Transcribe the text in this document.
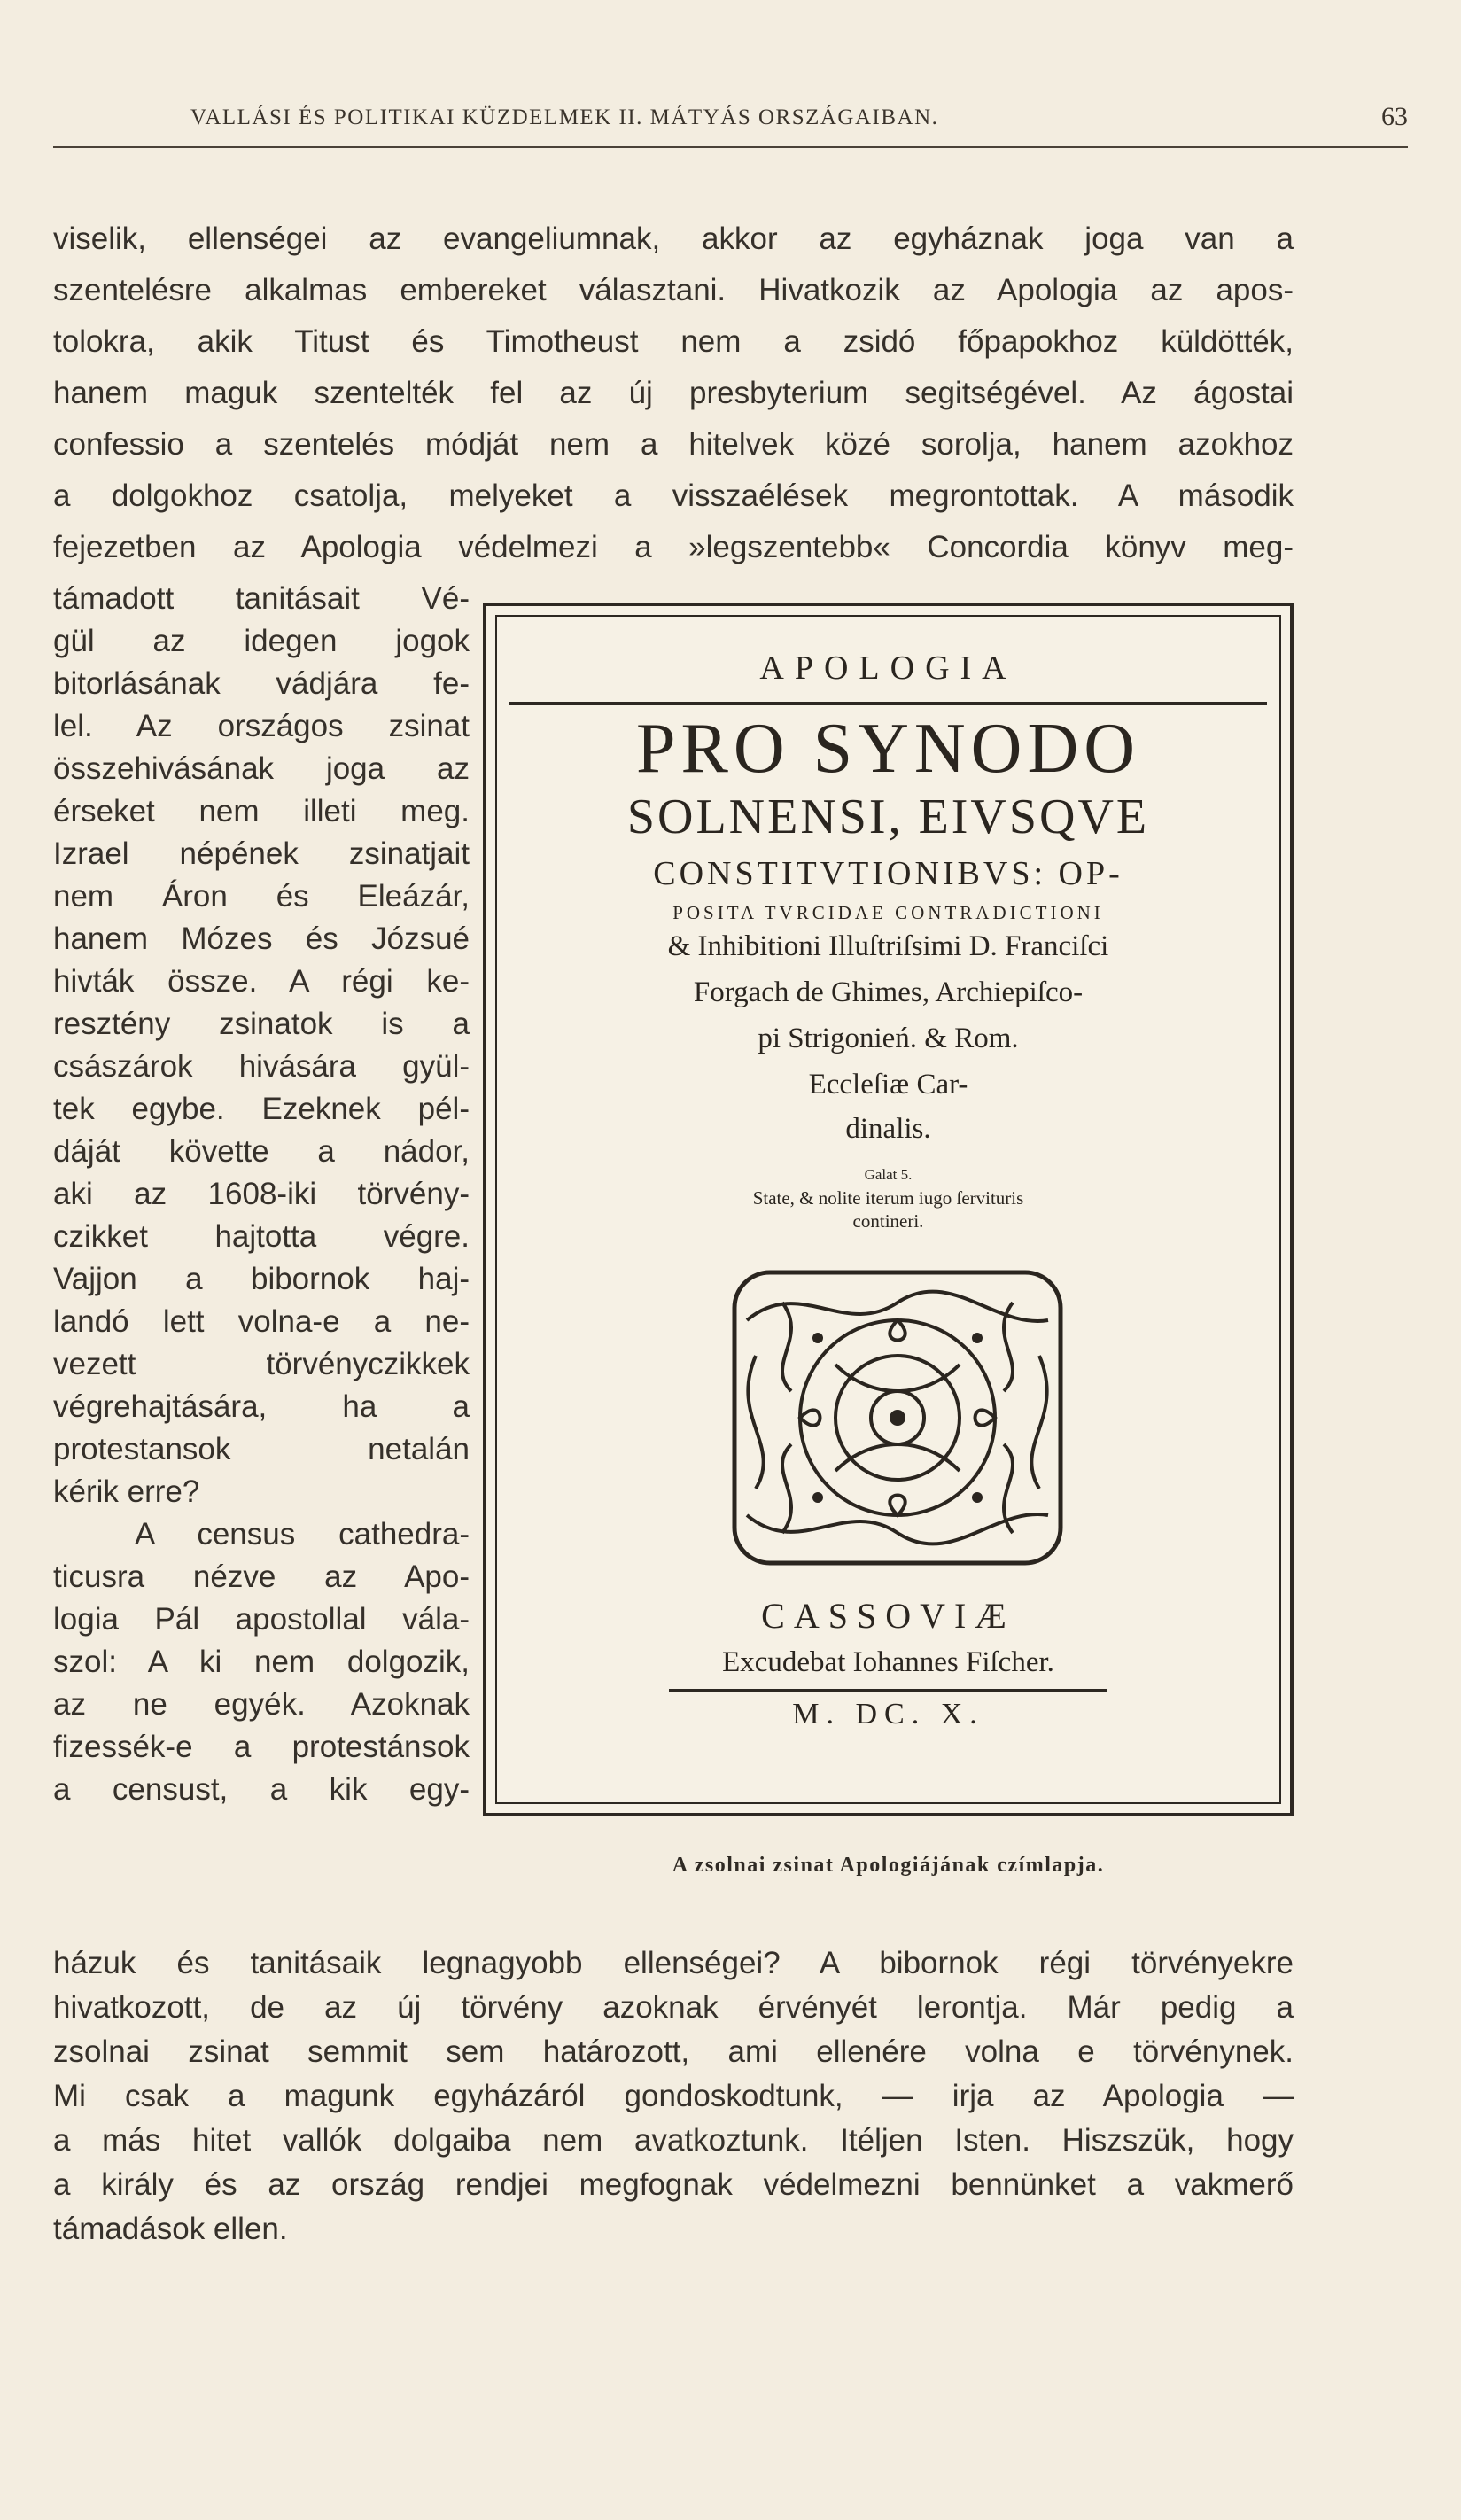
VALLÁSI ÉS POLITIKAI KÜZDELMEK II. MÁTYÁS ORSZÁGAIBAN.	63
viselik, ellenségei az evangeliumnak, akkor az egyháznak joga van a
szentelésre alkalmas embereket választani. Hivatkozik az Apologia az apos-
tolokra, akik Titust és Timotheust nem a zsidó főpapokhoz küldötték,
hanem maguk szentelték fel az új presbyterium segitségével. Az ágostai
confessio a szentelés módját nem a hitelvek közé sorolja, hanem azokhoz
a dolgokhoz csatolja, melyeket a visszaélések megrontottak. A második
fejezetben az Apologia védelmezi a »legszentebb« Concordia könyv meg-
támadott tanitásait Vé-
gül az idegen jogok
bitorlásának vádjára fe-
lel. Az országos zsinat
összehivásának joga az
érseket nem illeti meg.
Izrael népének zsinatjait
nem Áron és Eleázár,
hanem Mózes és Józsué
hivták össze. A régi ke-
resztény zsinatok is a
császárok hivására gyül-
tek egybe. Ezeknek pél-
dáját követte a nádor,
aki az 1608-iki törvény-
czikket hajtotta végre.
Vajjon a bibornok haj-
landó lett volna-e a ne-
vezett törvényczikkek
végrehajtására, ha a
protestansok netalán
kérik erre?
A census cathedra-
ticusra nézve az Apo-
logia Pál apostollal vála-
szol: A ki nem dolgozik,
az ne egyék. Azoknak
fizessék-e a protestánsok
a censust, a kik egy-
házuk és tanitásaik legnagyobb ellenségei? A bibornok régi törvényekre
hivatkozott, de az új törvény azoknak érvényét lerontja. Már pedig a
zsolnai zsinat semmit sem határozott, ami ellenére volna e törvénynek.
Mi csak a magunk egyházáról gondoskodtunk, — irja az Apologia —
a más hitet vallók dolgaiba nem avatkoztunk. Itéljen Isten. Hiszszük, hogy
a király és az ország rendjei megfognak védelmezni bennünket a vakmerő
támadások ellen.
APOLOGIA
PRO SYNODO
SOLNENSI, EIVSQVE
CONSTITVTIONIBVS: OP-
POSITA TVRCIDAE CONTRADICTIONI
& Inhibitioni Illuſtriſsimi D. Franciſci
Forgach de Ghimes, Archiepiſco-
pi Strigonień. & Rom.
Eccleſiæ Car-
dinalis.
Galat 5.
State, & nolite iterum iugo ſervituris
contineri.
CASSOVIÆ
Excudebat Iohannes Fiſcher.
M. DC. X.
A zsolnai zsinat Apologiájának czímlapja.
